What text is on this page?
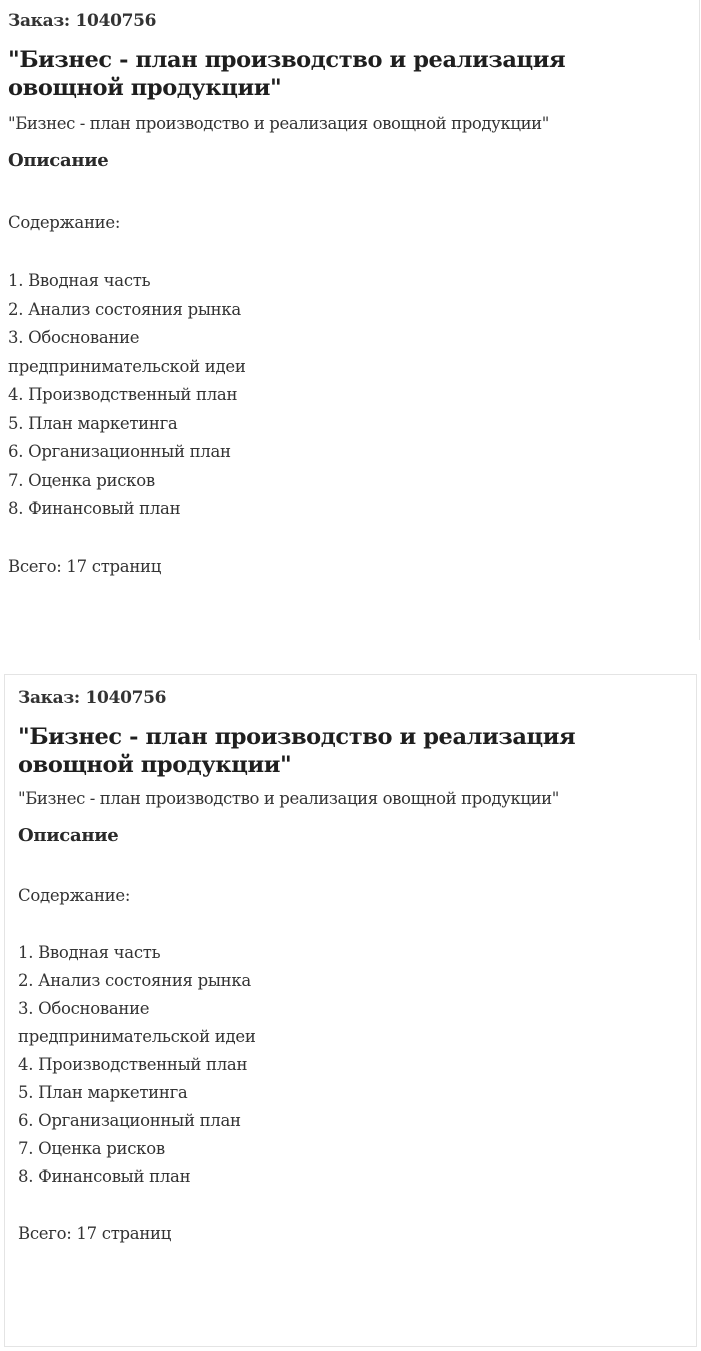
Заказ: 1040756
"Бизнес - план производство и реализация овощной продукции"
"Бизнес - план производство и реализация овощной продукции"
Описание
Содержание:
1. Вводная часть
2. Анализ состояния рынка
3. Обоснование предпринимательской идеи
4. Производственный план
5. План маркетинга
6. Организационный план
7. Оценка рисков
8. Финансовый план
Всего: 17 страниц
Заказ: 1040756
"Бизнес - план производство и реализация овощной продукции"
"Бизнес - план производство и реализация овощной продукции"
Описание
Содержание:
1. Вводная часть
2. Анализ состояния рынка
3. Обоснование предпринимательской идеи
4. Производственный план
5. План маркетинга
6. Организационный план
7. Оценка рисков
8. Финансовый план
Всего: 17 страниц
